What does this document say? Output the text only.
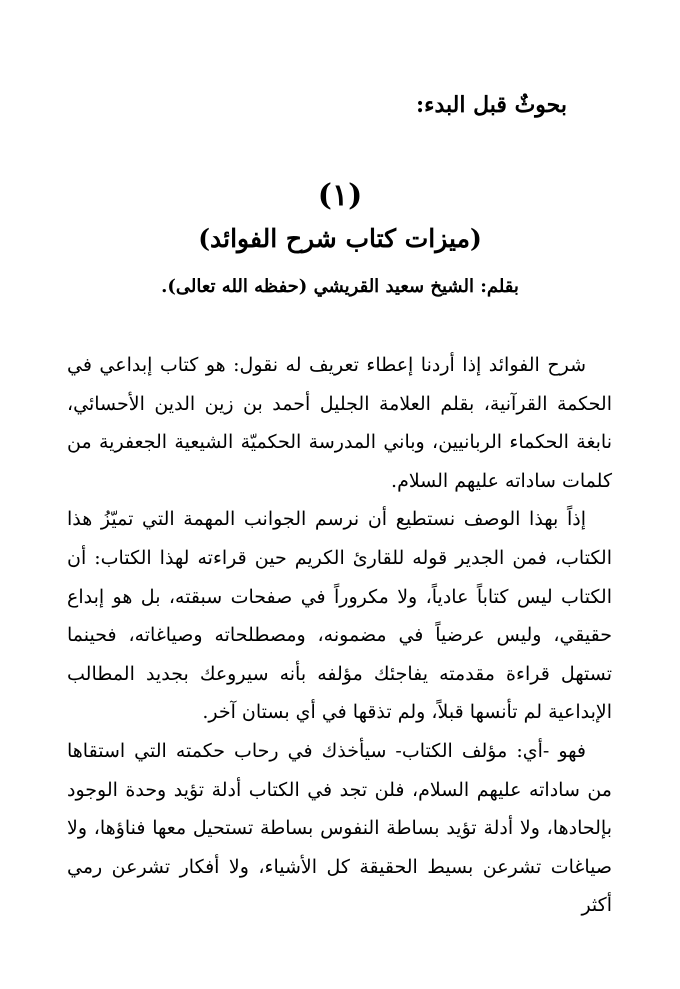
بحوثٌ قبل البدء:
(١)
(ميزات كتاب شرح الفوائد)
بقلم: الشيخ سعيد القريشي (حفظه الله تعالى).

شرح الفوائد إذا أردنا إعطاء تعريف له نقول: هو كتاب إبداعي في الحكمة القرآنية، بقلم العلامة الجليل أحمد بن زين الدين الأحسائي، نابغة الحكماء الربانيين، وباني المدرسة الحكميّة الشيعية الجعفرية من كلمات ساداته عليهم السلام.

إذاً بهذا الوصف نستطيع أن نرسم الجوانب المهمة التي تميّزُ هذا الكتاب، فمن الجدير قوله للقارئ الكريم حين قراءته لهذا الكتاب: أن الكتاب ليس كتاباً عادياً، ولا مكروراً في صفحات سبقته، بل هو إبداع حقيقي، وليس عرضياً في مضمونه، ومصطلحاته وصياغاته، فحينما تستهل قراءة مقدمته يفاجئك مؤلفه بأنه سيروعك بجديد المطالب الإبداعية لم تأنسها قبلاً، ولم تذقها في أي بستان آخر.

فهو -أي: مؤلف الكتاب- سيأخذك في رحاب حكمته التي استقاها من ساداته عليهم السلام، فلن تجد في الكتاب أدلة تؤيد وحدة الوجود بإلحادها، ولا أدلة تؤيد بساطة النفوس بساطة تستحيل معها فناؤها، ولا صياغات تشرعن بسيط الحقيقة كل الأشياء، ولا أفكار تشرعن رمي أكثر
